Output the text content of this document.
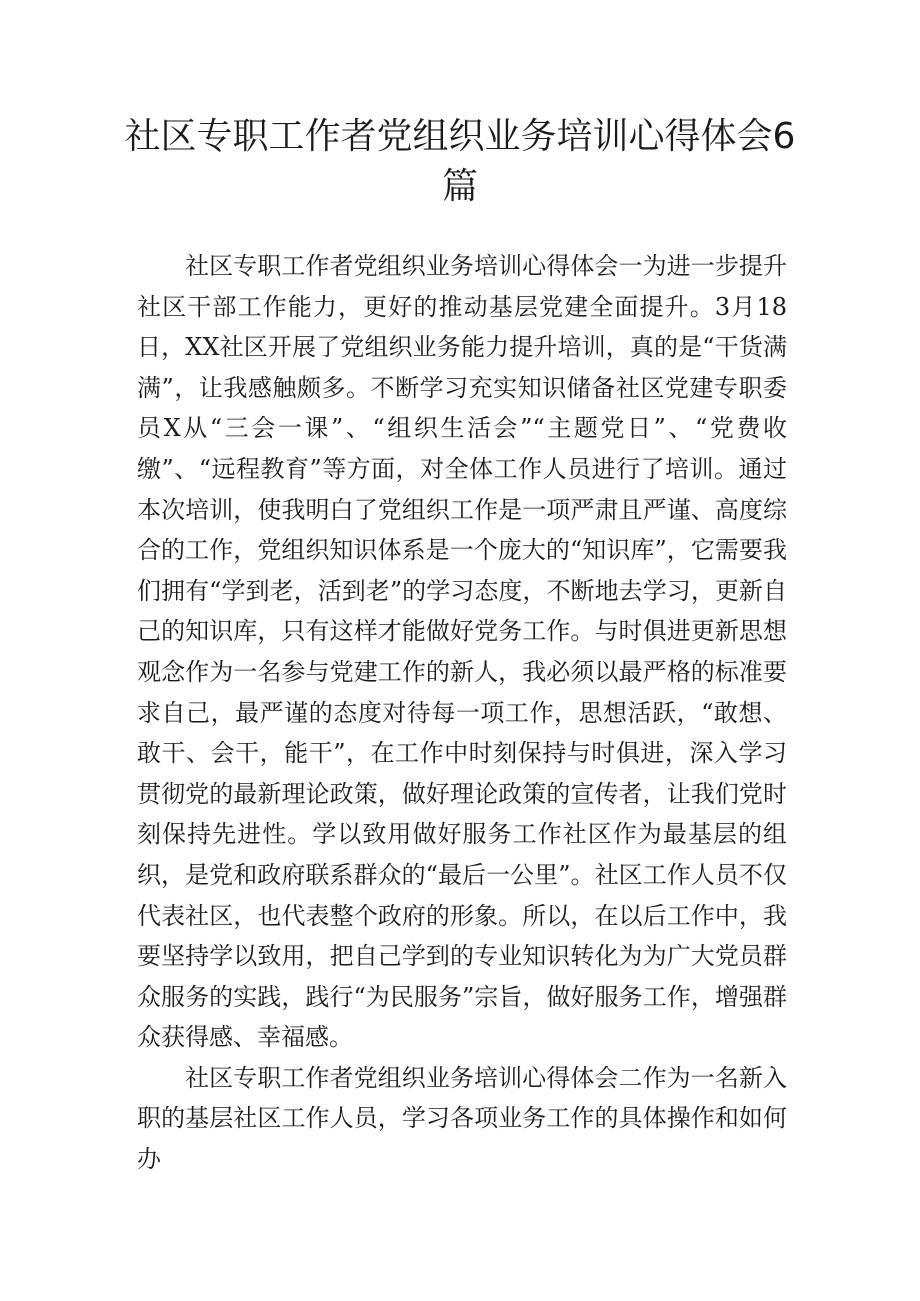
社区专职工作者党组织业务培训心得体会6篇

社区专职工作者党组织业务培训心得体会一为进一步提升社区干部工作能力，更好的推动基层党建全面提升。3月18日，XX社区开展了党组织业务能力提升培训，真的是“干货满满”，让我感触颇多。不断学习充实知识储备社区党建专职委员X从“三会一课”、“组织生活会”“主题党日”、“党费收缴”、“远程教育”等方面，对全体工作人员进行了培训。通过本次培训，使我明白了党组织工作是一项严肃且严谨、高度综合的工作，党组织知识体系是一个庞大的“知识库”，它需要我们拥有“学到老，活到老”的学习态度，不断地去学习，更新自己的知识库，只有这样才能做好党务工作。与时俱进更新思想观念作为一名参与党建工作的新人，我必须以最严格的标准要求自己，最严谨的态度对待每一项工作，思想活跃，“敢想、敢干、会干，能干”，在工作中时刻保持与时俱进，深入学习贯彻党的最新理论政策，做好理论政策的宣传者，让我们党时刻保持先进性。学以致用做好服务工作社区作为最基层的组织，是党和政府联系群众的“最后一公里”。社区工作人员不仅代表社区，也代表整个政府的形象。所以，在以后工作中，我要坚持学以致用，把自己学到的专业知识转化为为广大党员群众服务的实践，践行“为民服务”宗旨，做好服务工作，增强群众获得感、幸福感。

社区专职工作者党组织业务培训心得体会二作为一名新入职的基层社区工作人员，学习各项业务工作的具体操作和如何办
